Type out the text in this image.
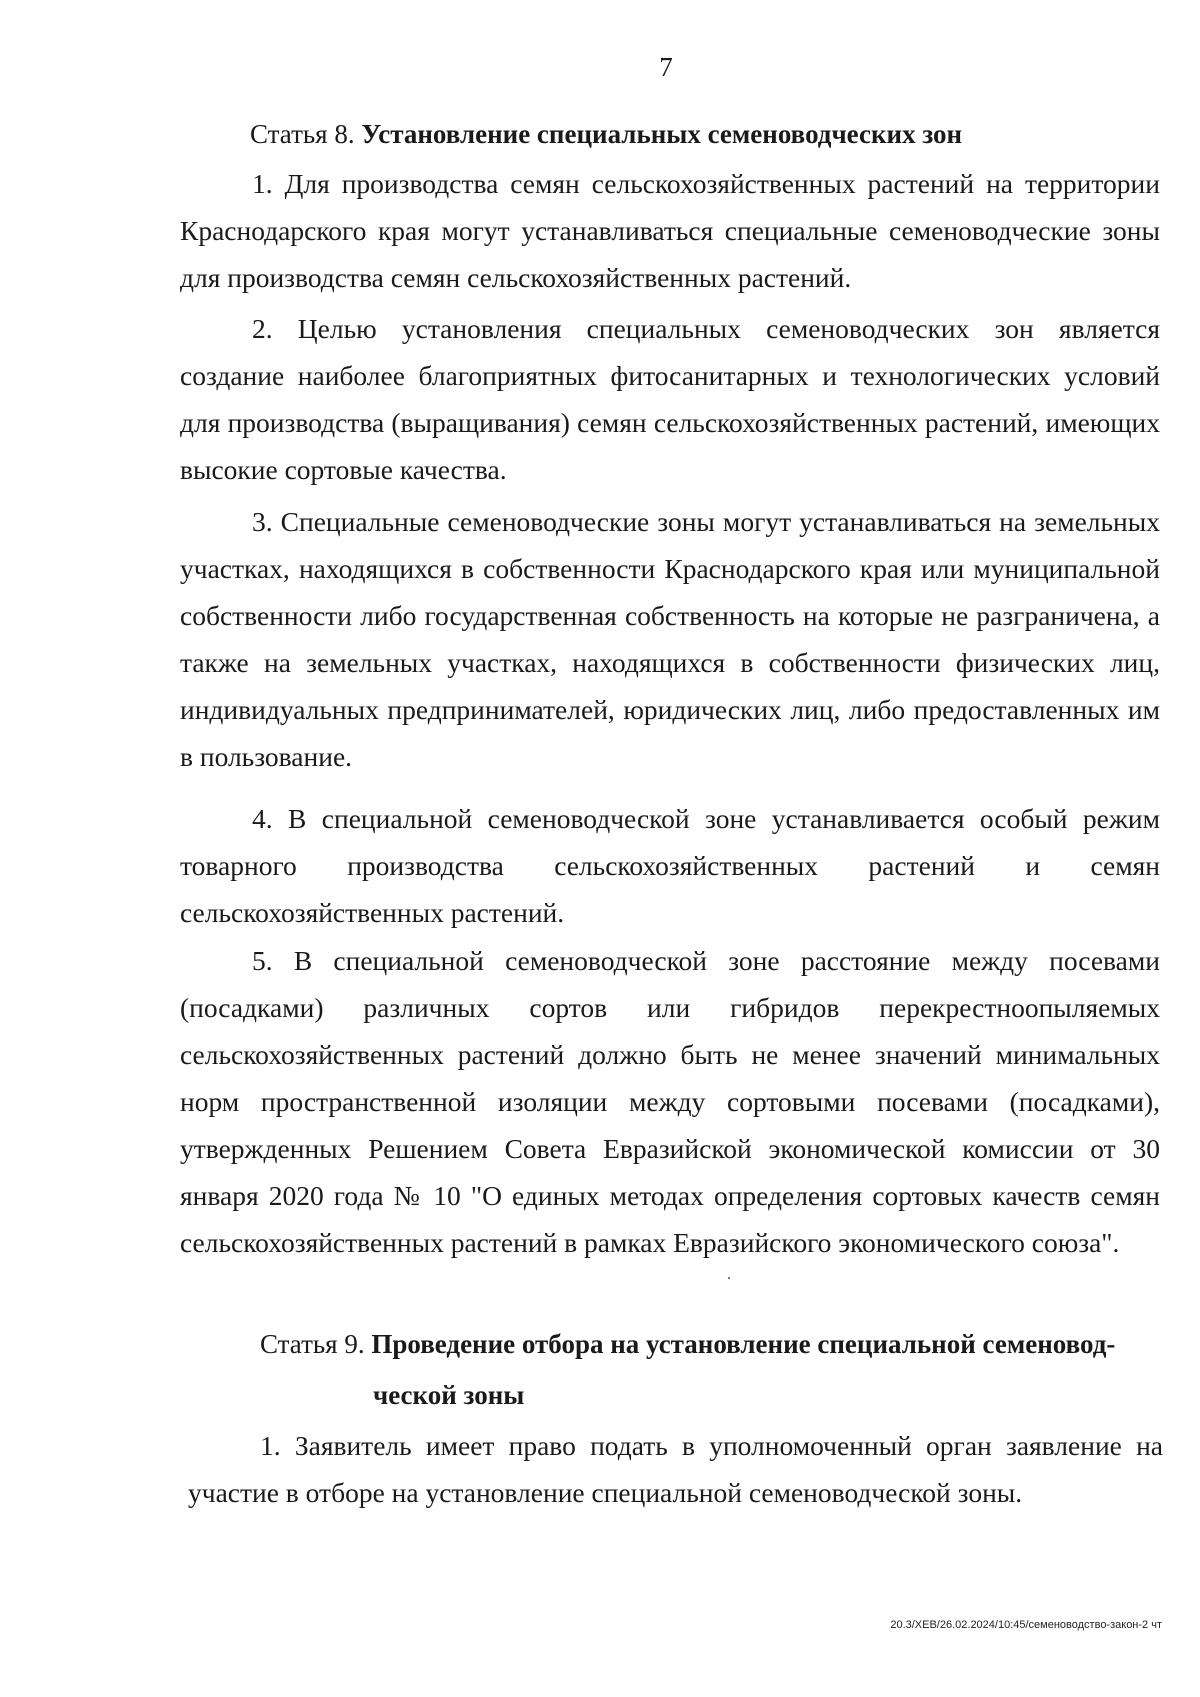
7
Статья 8. Установление специальных семеноводческих зон

1. Для производства семян сельскохозяйственных растений на территории Краснодарского края могут устанавливаться специальные семеноводческие зоны для производства семян сельскохозяйственных растений.

2. Целью установления специальных семеноводческих зон является создание наиболее благоприятных фитосанитарных и технологических условий для производства (выращивания) семян сельскохозяйственных растений, имеющих высокие сортовые качества.

3. Специальные семеноводческие зоны могут устанавливаться на земельных участках, находящихся в собственности Краснодарского края или муниципальной собственности либо государственная собственность на которые не разграничена, а также на земельных участках, находящихся в собственности физических лиц, индивидуальных предпринимателей, юридических лиц, либо предоставленных им в пользование.

4. В специальной семеноводческой зоне устанавливается особый режим товарного производства сельскохозяйственных растений и семян сельскохозяйственных растений.

5. В специальной семеноводческой зоне расстояние между посевами (посадками) различных сортов или гибридов перекрестноопыляемых сельскохозяйственных растений должно быть не менее значений минимальных норм пространственной изоляции между сортовыми посевами (посадками), утвержденных Решением Совета Евразийской экономической комиссии от 30 января 2020 года № 10 "О единых методах определения сортовых качеств семян сельскохозяйственных растений в рамках Евразийского экономического союза".

Статья 9. Проведение отбора на установление специальной семеновод-
ческой зоны

1. Заявитель имеет право подать в уполномоченный орган заявление на участие в отборе на установление специальной семеноводческой зоны.

20.3/ХЕВ/26.02.2024/10:45/семеноводство-закон-2 чт
